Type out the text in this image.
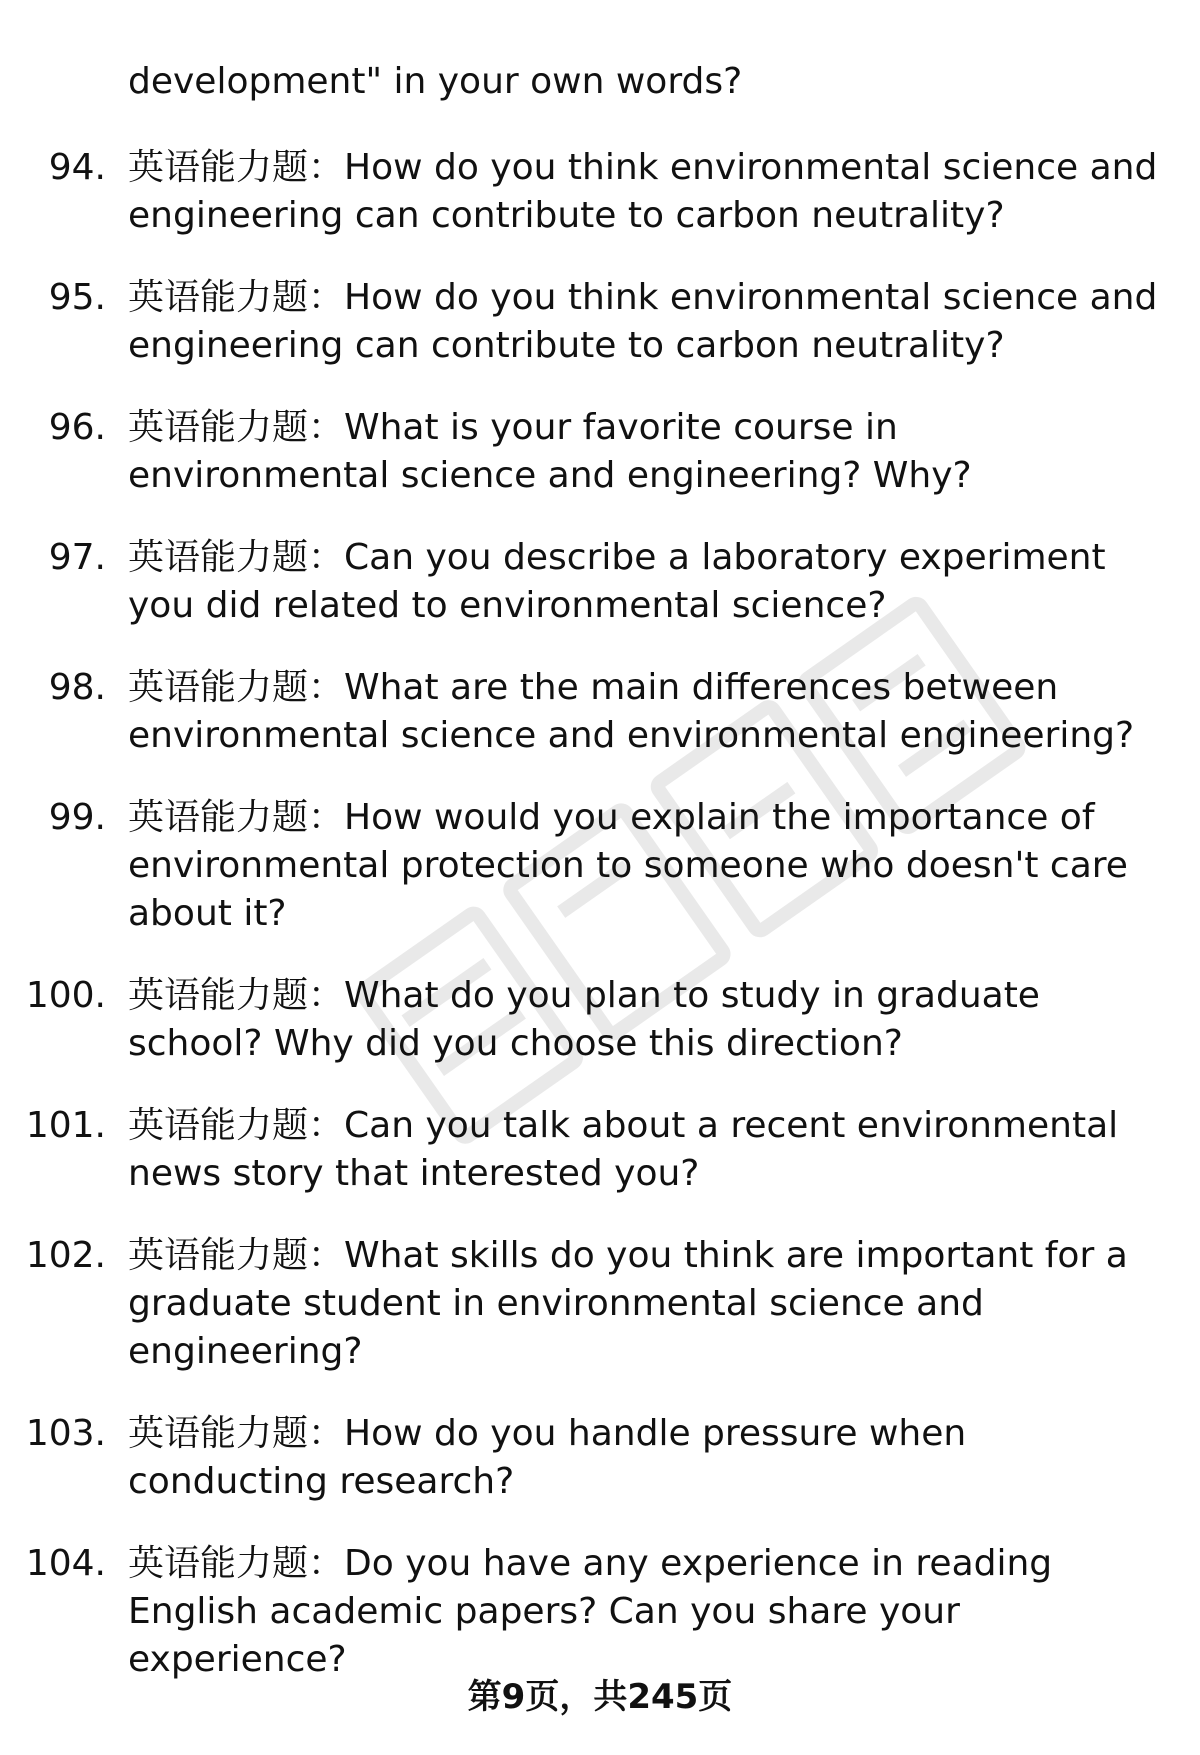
development" in your own words?
94. 英语能力题：How do you think environmental science and engineering can contribute to carbon neutrality?
95. 英语能力题：How do you think environmental science and engineering can contribute to carbon neutrality?
96. 英语能力题：What is your favorite course in environmental science and engineering? Why?
97. 英语能力题：Can you describe a laboratory experiment you did related to environmental science?
98. 英语能力题：What are the main differences between environmental science and environmental engineering?
99. 英语能力题：How would you explain the importance of environmental protection to someone who doesn't care about it?
100. 英语能力题：What do you plan to study in graduate school? Why did you choose this direction?
101. 英语能力题：Can you talk about a recent environmental news story that interested you?
102. 英语能力题：What skills do you think are important for a graduate student in environmental science and engineering?
103. 英语能力题：How do you handle pressure when conducting research?
104. 英语能力题：Do you have any experience in reading English academic papers? Can you share your experience?
第9页，共245页
